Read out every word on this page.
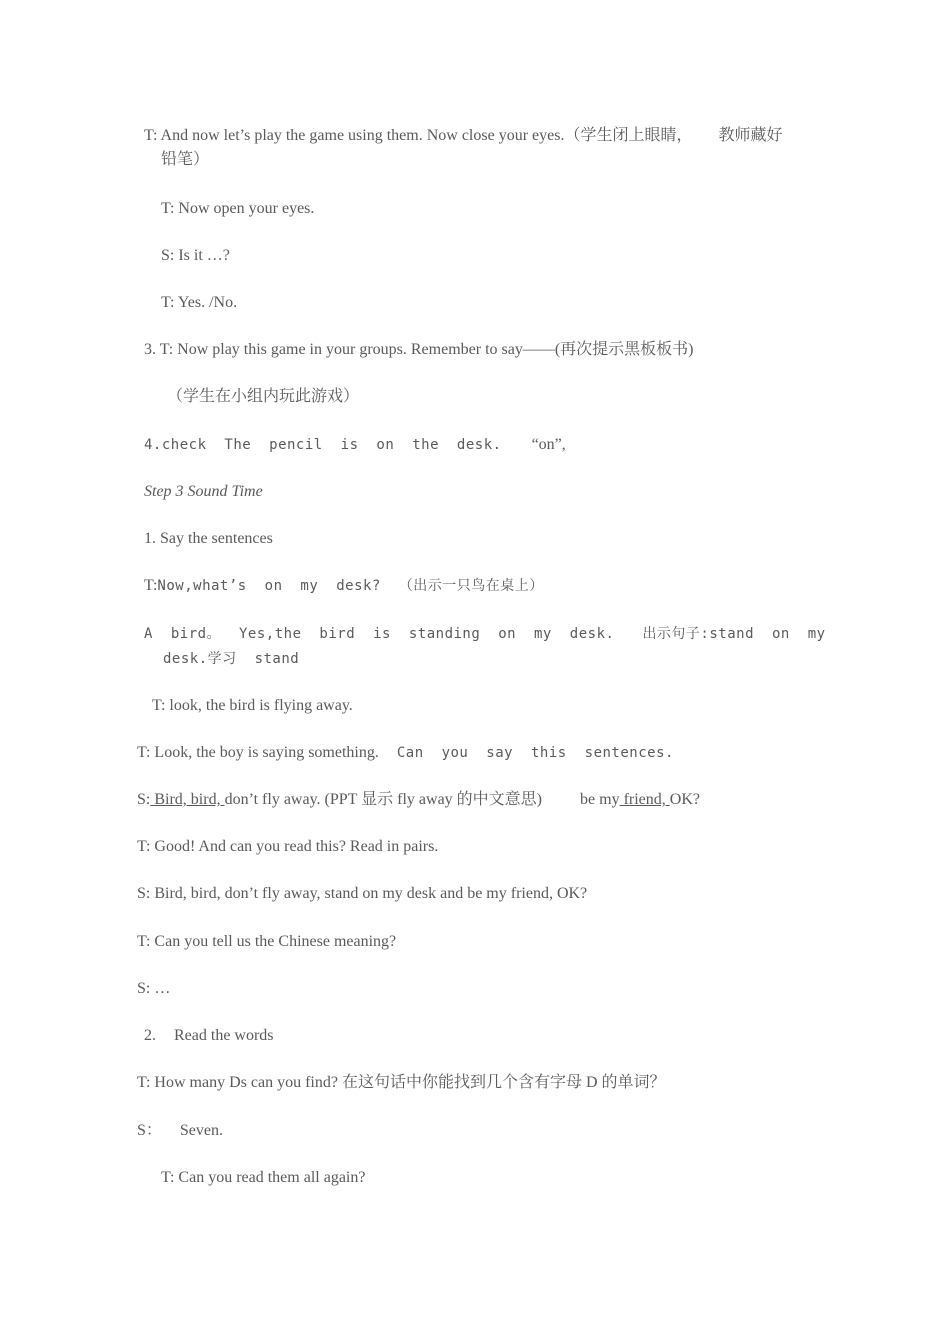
T: And now let’s play the game using them. Now close your eyes.（学生闭上眼睛， 教师藏好
铅笔）
T: Now open your eyes.
S: Is it …?
T: Yes. /No.
3. T: Now play this game in your groups. Remember to say——(再次提示黑板板书)
（学生在小组内玩此游戏）
4.check The pencil is on the desk. “on”,
Step 3 Sound Time
1. Say the sentences
T:Now,what’s on my desk? （出示一只鸟在桌上）
A bird。 Yes,the bird is standing on my desk. 出示句子:stand on my
desk.学习 stand
T: look, the bird is flying away.
T: Look, the boy is saying something. Can you say this sentences.
S: Bird, bird, don’t fly away. (PPT 显示 fly away 的中文意思) be my friend, OK?
T: Good! And can you read this? Read in pairs.
S: Bird, bird, don’t fly away, stand on my desk and be my friend, OK?
T: Can you tell us the Chinese meaning?
S: …
2. Read the words
T: How many Ds can you find? 在这句话中你能找到几个含有字母 D 的单词？
S： Seven.
T: Can you read them all again?
